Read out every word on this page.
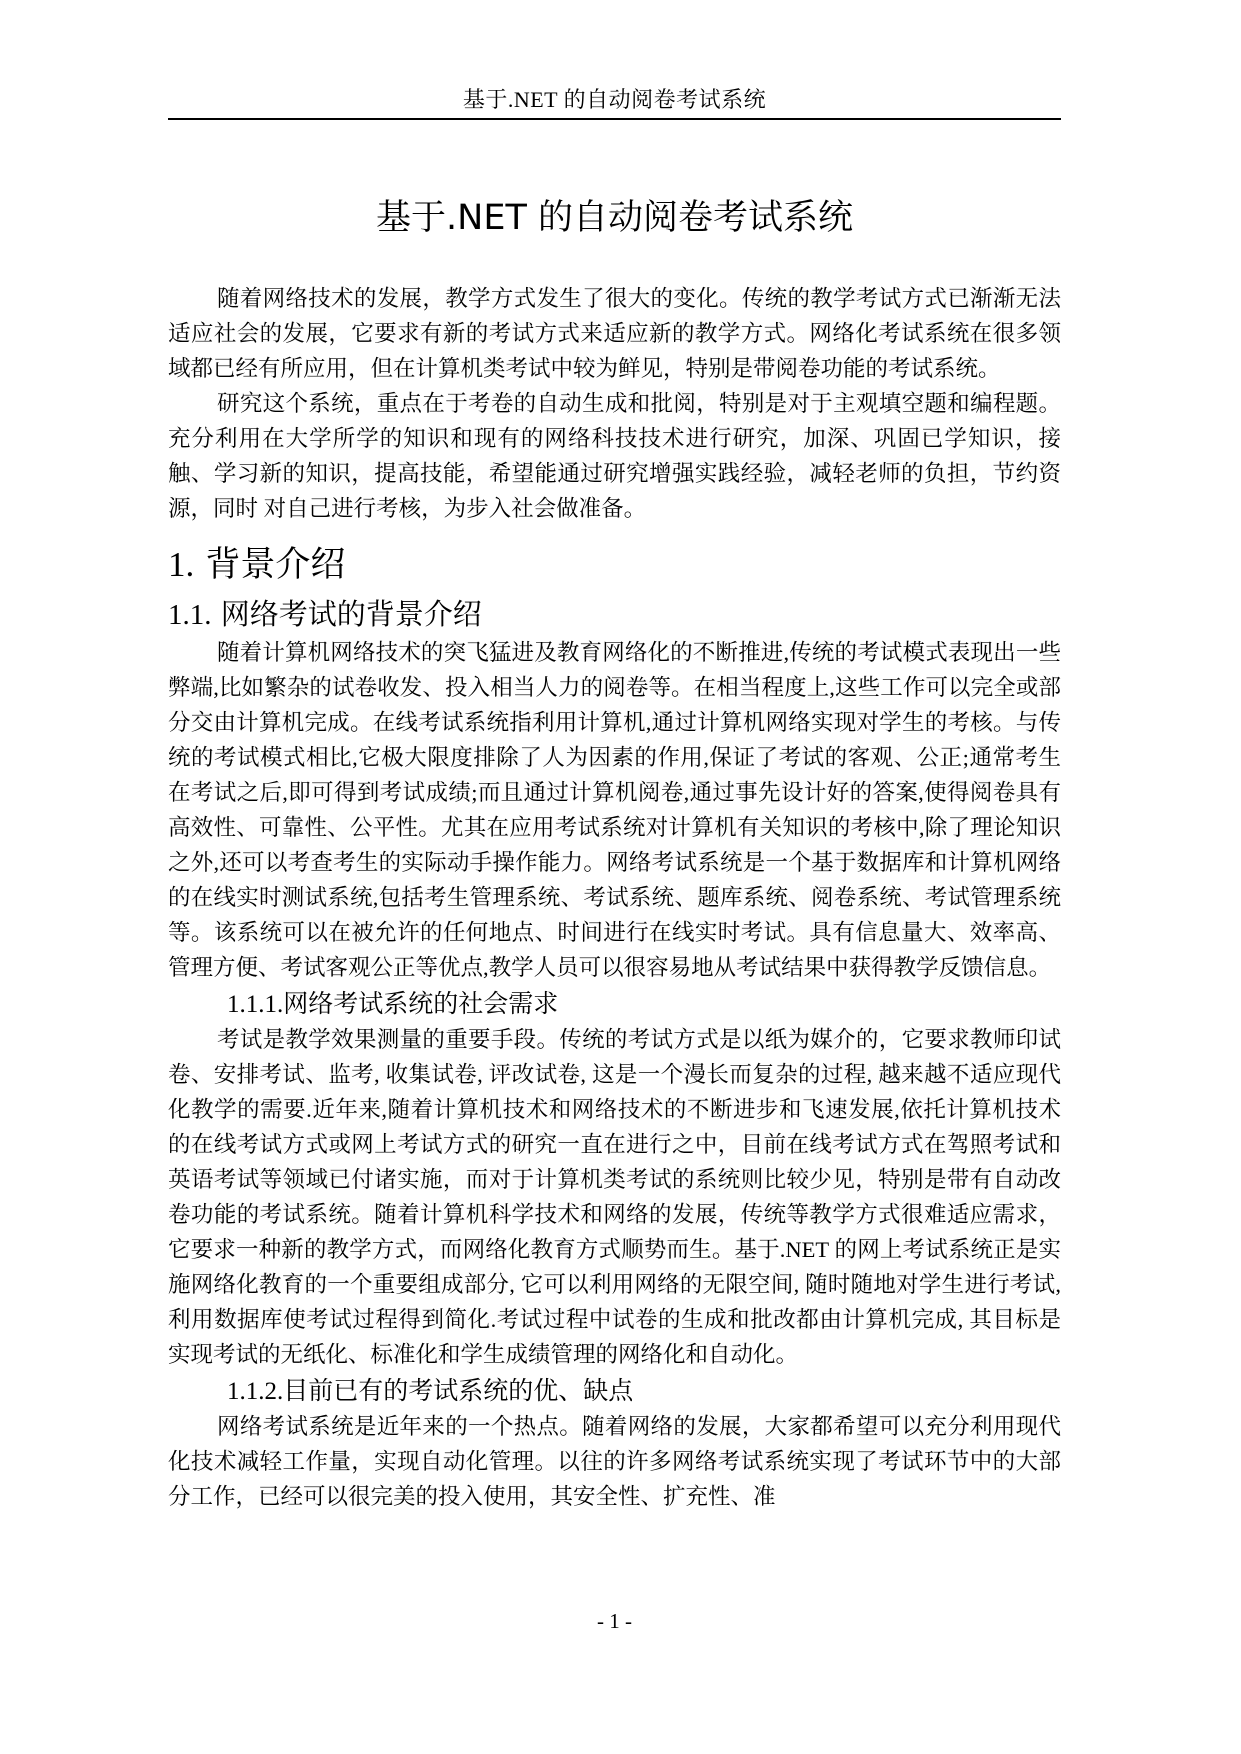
基于.NET 的自动阅卷考试系统
基于.NET 的自动阅卷考试系统

随着网络技术的发展，教学方式发生了很大的变化。传统的教学考试方式已渐渐无法适应社会的发展，它要求有新的考试方式来适应新的教学方式。网络化考试系统在很多领域都已经有所应用，但在计算机类考试中较为鲜见，特别是带阅卷功能的考试系统。

研究这个系统，重点在于考卷的自动生成和批阅，特别是对于主观填空题和编程题。充分利用在大学所学的知识和现有的网络科技技术进行研究，加深、巩固已学知识，接触、学习新的知识，提高技能，希望能通过研究增强实践经验，减轻老师的负担，节约资源，同时 对自己进行考核，为步入社会做准备。

1. 背景介绍
1.1. 网络考试的背景介绍

随着计算机网络技术的突飞猛进及教育网络化的不断推进,传统的考试模式表现出一些弊端,比如繁杂的试卷收发、投入相当人力的阅卷等。在相当程度上,这些工作可以完全或部分交由计算机完成。在线考试系统指利用计算机,通过计算机网络实现对学生的考核。与传统的考试模式相比,它极大限度排除了人为因素的作用,保证了考试的客观、公正;通常考生在考试之后,即可得到考试成绩;而且通过计算机阅卷,通过事先设计好的答案,使得阅卷具有高效性、可靠性、公平性。尤其在应用考试系统对计算机有关知识的考核中,除了理论知识之外,还可以考查考生的实际动手操作能力。网络考试系统是一个基于数据库和计算机网络的在线实时测试系统,包括考生管理系统、考试系统、题库系统、阅卷系统、考试管理系统等。该系统可以在被允许的任何地点、时间进行在线实时考试。具有信息量大、效率高、管理方便、考试客观公正等优点,教学人员可以很容易地从考试结果中获得教学反馈信息。

1.1.1.网络考试系统的社会需求

考试是教学效果测量的重要手段。传统的考试方式是以纸为媒介的，它要求教师印试卷、安排考试、监考, 收集试卷, 评改试卷, 这是一个漫长而复杂的过程, 越来越不适应现代化教学的需要.近年来,随着计算机技术和网络技术的不断进步和飞速发展,依托计算机技术的在线考试方式或网上考试方式的研究一直在进行之中，目前在线考试方式在驾照考试和英语考试等领域已付诸实施，而对于计算机类考试的系统则比较少见，特别是带有自动改卷功能的考试系统。随着计算机科学技术和网络的发展，传统等教学方式很难适应需求，它要求一种新的教学方式，而网络化教育方式顺势而生。基于.NET 的网上考试系统正是实施网络化教育的一个重要组成部分, 它可以利用网络的无限空间, 随时随地对学生进行考试, 利用数据库使考试过程得到简化.考试过程中试卷的生成和批改都由计算机完成, 其目标是实现考试的无纸化、标准化和学生成绩管理的网络化和自动化。

1.1.2.目前已有的考试系统的优、缺点

网络考试系统是近年来的一个热点。随着网络的发展，大家都希望可以充分利用现代化技术减轻工作量，实现自动化管理。以往的许多网络考试系统实现了考试环节中的大部分工作，已经可以很完美的投入使用，其安全性、扩充性、准

- 1 -
